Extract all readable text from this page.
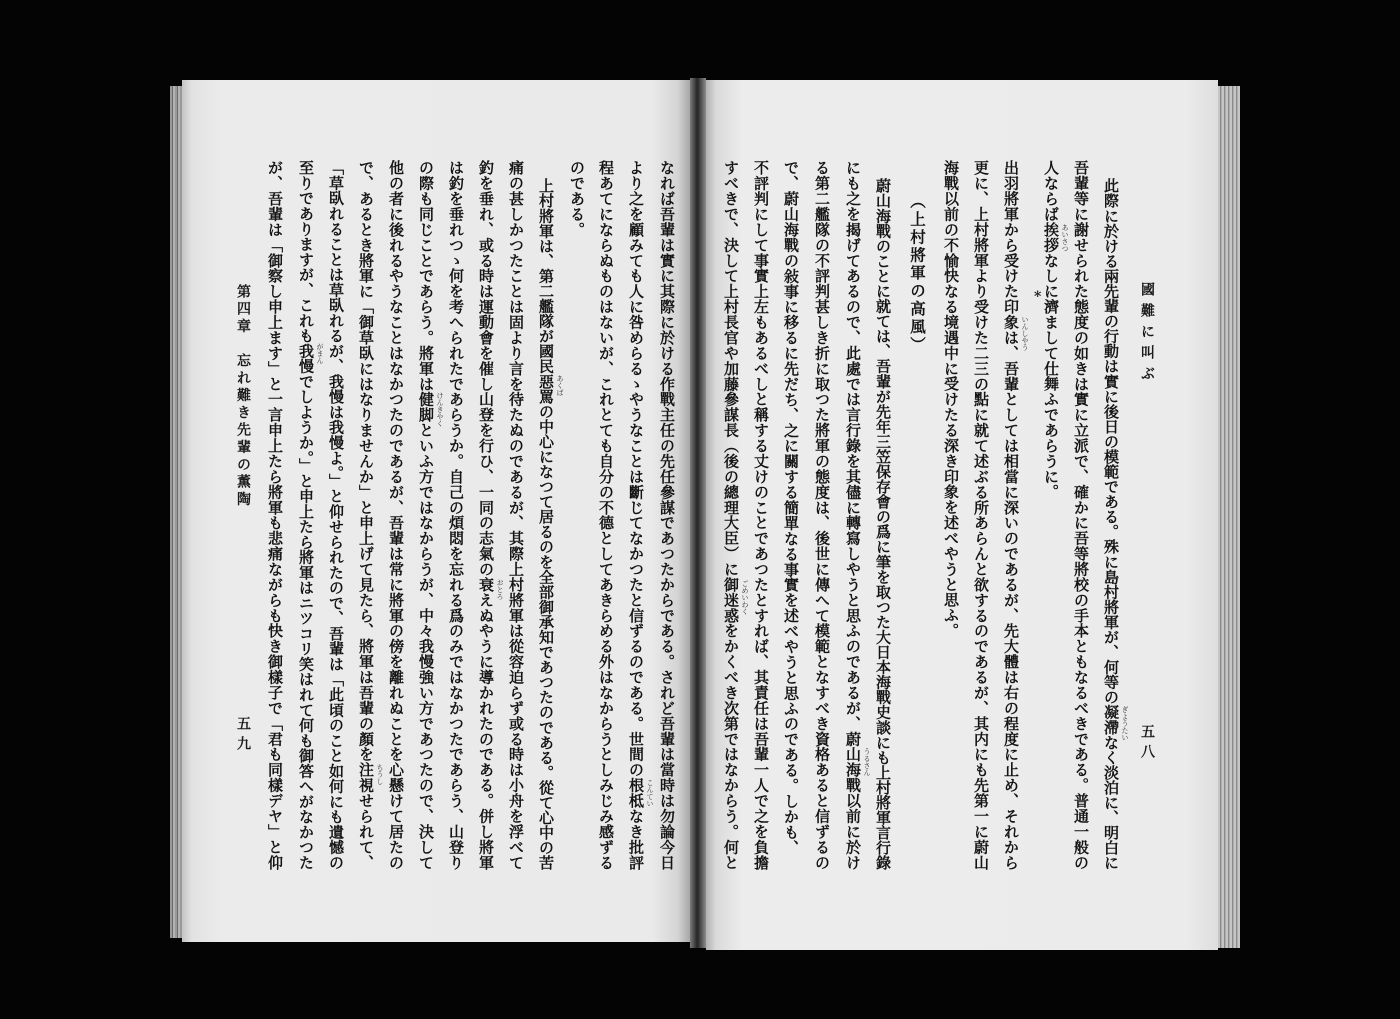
國難に叫ぶ
五八
此際に於ける兩先輩の行動は實に後日の模範である。殊に島村將軍が、何等の凝滯なく淡泊に、明白に
吾輩等に謝せられた態度の如きは實に立派で、確かに吾等將校の手本ともなるべきである。普通一般の
人ならば挨拶なしに濟まして仕舞ふであらうに。
*
出羽將軍から受けた印象は、吾輩としては相當に深いのであるが、先大體は右の程度に止め、それから
更に、上村將軍より受けた二三の點に就て述ぶる所あらんと欲するのであるが、其内にも先第一に蔚山
海戰以前の不愉快なる境遇中に受けたる深き印象を述べやうと思ふ。
（上村將軍の高風）
蔚山海戰のことに就ては、吾輩が先年三笠保存會の爲に筆を取つた大日本海戰史談にも上村將軍言行錄
にも之を揭げてあるので、此處では言行錄を其儘に轉寫しやうと思ふのであるが、蔚山海戰以前に於け
る第二艦隊の不評判甚しき折に取つた將軍の態度は、後世に傳へて模範となすべき資格あると信ずるの
で、蔚山海戰の敍事に移るに先だち、之に關する簡單なる事實を述べやうと思ふのである。しかも、
不評判にして事實上左もあるべしと稱する丈けのことであつたとすれば、其責任は吾輩一人で之を負擔
すべきで、決して上村長官や加藤參謀長（後の總理大臣）に御迷惑をかくべき次第ではなからう。何と	ぎようたい
あいさつ
いんしやう
うるさん
ごめいわく
なれば吾輩は實に其際に於ける作戰主任の先任參謀であつたからである。されど吾輩は當時は勿論今日
より之を顧みても人に咎めらるゝやうなことは斷じてなかつたと信ずるのである。世間の根柢なき批評
程あてにならぬものはないが、これとても自分の不德としてあきらめる外はなからうとしみじみ感ずる
のである。
上村將軍は、第二艦隊が國民惡罵の中心になつて居るのを全部御承知であつたのである。從て心中の苦
痛の甚しかつたことは固より言を待たぬのであるが、其際上村將軍は從容迫らず或る時は小舟を浮べて
釣を垂れ、或る時は運動會を催し山登を行ひ、一同の志氣の衰えぬやうに導かれたのである。併し將軍
は釣を垂れつゝ何を考へられたであらうか。自己の煩悶を忘れる爲のみではなかつたであらう、山登り
の際も同じことであらう。將軍は健脚といふ方ではなからうが、中々我慢強い方であつたので、決して
他の者に後れるやうなことはなかつたのであるが、吾輩は常に將軍の傍を離れぬことを心懸けて居たの
で、あるとき將軍に「御草臥にはなりませんか」と申上げて見たら、將軍は吾輩の顏を注視せられて、
「草臥れることは草臥れるが、我慢は我慢よ。」と仰せられたので、吾輩は「此頃のこと如何にも遺憾の
至りでありますが、これも我慢でしようか。」と申上たら將軍はニツコリ笑はれて何も御答へがなかつた
が、吾輩は「御察し申上ます」と一言申上たら將軍も悲痛ながらも快き御樣子で「君も同樣デヤ」と仰
第四章　忘れ難き先輩の薫陶
五九
こんてい
あくば
おとろ
けんきやく
ちうし
がまん
